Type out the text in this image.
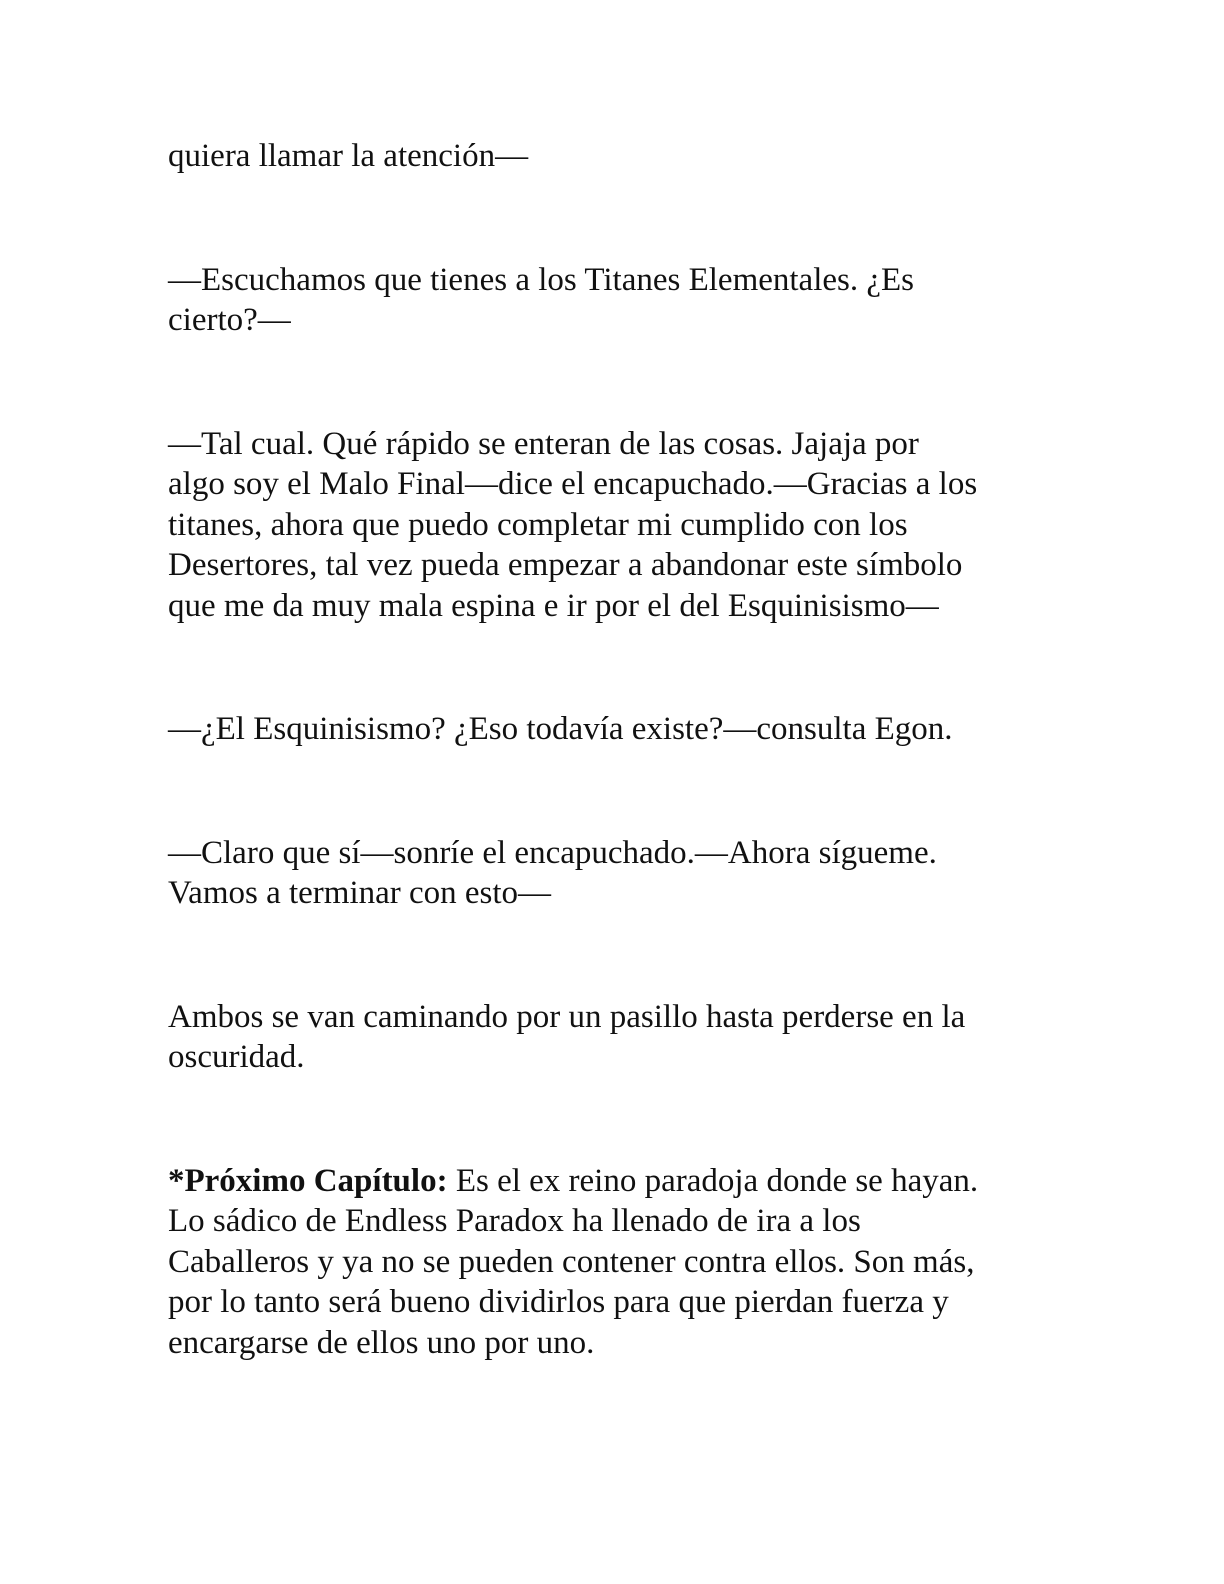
quiera llamar la atención—

—Escuchamos que tienes a los Titanes Elementales. ¿Es
cierto?—

—Tal cual. Qué rápido se enteran de las cosas. Jajaja por
algo soy el Malo Final—dice el encapuchado.—Gracias a los
titanes, ahora que puedo completar mi cumplido con los
Desertores, tal vez pueda empezar a abandonar este símbolo
que me da muy mala espina e ir por el del Esquinisismo—

—¿El Esquinisismo? ¿Eso todavía existe?—consulta Egon.

—Claro que sí—sonríe el encapuchado.—Ahora sígueme.
Vamos a terminar con esto—

Ambos se van caminando por un pasillo hasta perderse en la
oscuridad.

*Próximo Capítulo: Es el ex reino paradoja donde se hayan.
Lo sádico de Endless Paradox ha llenado de ira a los
Caballeros y ya no se pueden contener contra ellos. Son más,
por lo tanto será bueno dividirlos para que pierdan fuerza y
encargarse de ellos uno por uno.
